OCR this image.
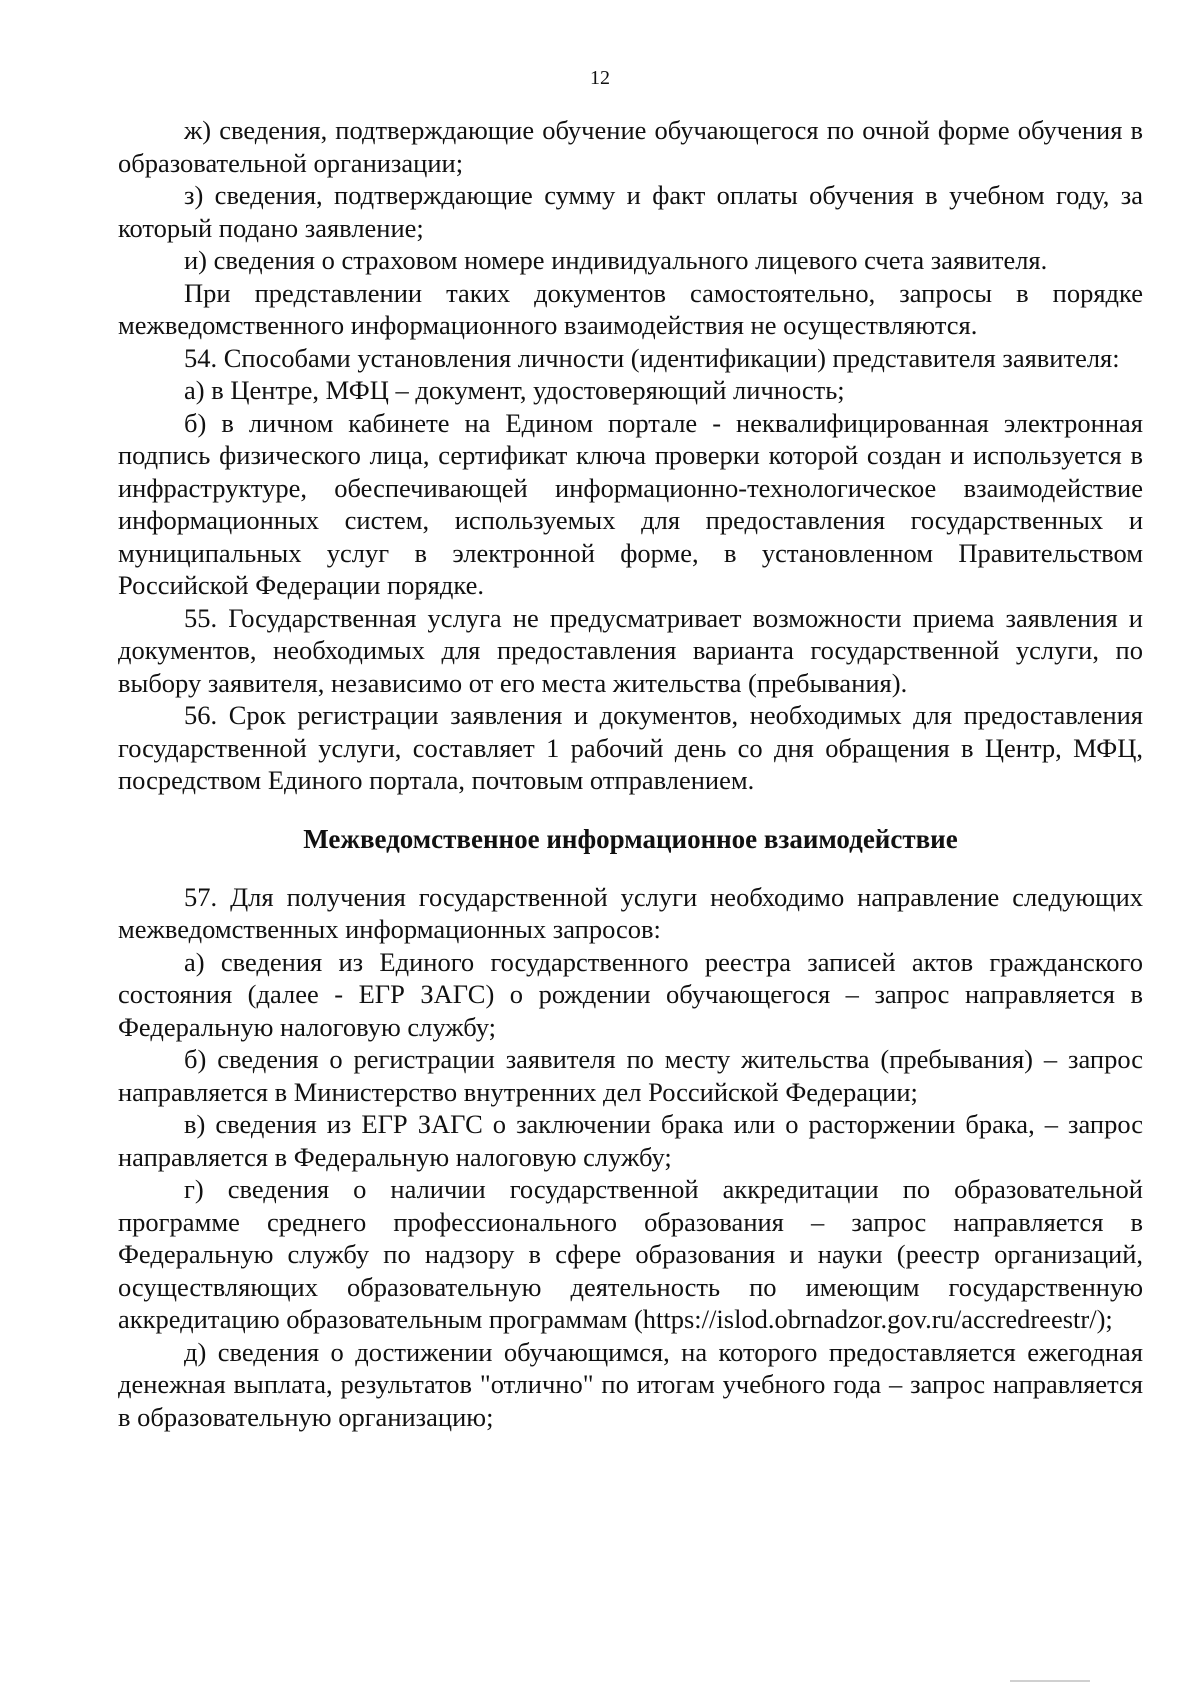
12

ж) сведения, подтверждающие обучение обучающегося по очной форме обучения в образовательной организации;

з) сведения, подтверждающие сумму и факт оплаты обучения в учебном году, за который подано заявление;

и) сведения о страховом номере индивидуального лицевого счета заявителя.

При представлении таких документов самостоятельно, запросы в порядке межведомственного информационного взаимодействия не осуществляются.

54. Способами установления личности (идентификации) представителя заявителя:

а) в Центре, МФЦ – документ, удостоверяющий личность;

б) в личном кабинете на Едином портале - неквалифицированная электронная подпись физического лица, сертификат ключа проверки которой создан и используется в инфраструктуре, обеспечивающей информационно-технологическое взаимодействие информационных систем, используемых для предоставления государственных и муниципальных услуг в электронной форме, в установленном Правительством Российской Федерации порядке.

55. Государственная услуга не предусматривает возможности приема заявления и документов, необходимых для предоставления варианта государственной услуги, по выбору заявителя, независимо от его места жительства (пребывания).

56. Срок регистрации заявления и документов, необходимых для предоставления государственной услуги, составляет 1 рабочий день со дня обращения в Центр, МФЦ, посредством Единого портала, почтовым отправлением.

Межведомственное информационное взаимодействие

57. Для получения государственной услуги необходимо направление следующих межведомственных информационных запросов:

а) сведения из Единого государственного реестра записей актов гражданского состояния (далее - ЕГР ЗАГС) о рождении обучающегося – запрос направляется в Федеральную налоговую службу;

б) сведения о регистрации заявителя по месту жительства (пребывания) – запрос направляется в Министерство внутренних дел Российской Федерации;

в) сведения из ЕГР ЗАГС о заключении брака или о расторжении брака, – запрос направляется в Федеральную налоговую службу;

г) сведения о наличии государственной аккредитации по образовательной программе среднего профессионального образования – запрос направляется в Федеральную службу по надзору в сфере образования и науки (реестр организаций, осуществляющих образовательную деятельность по имеющим государственную аккредитацию образовательным программам (https://islod.obrnadzor.gov.ru/accredreestr/);

д) сведения о достижении обучающимся, на которого предоставляется ежегодная денежная выплата, результатов "отлично" по итогам учебного года – запрос направляется в образовательную организацию;
